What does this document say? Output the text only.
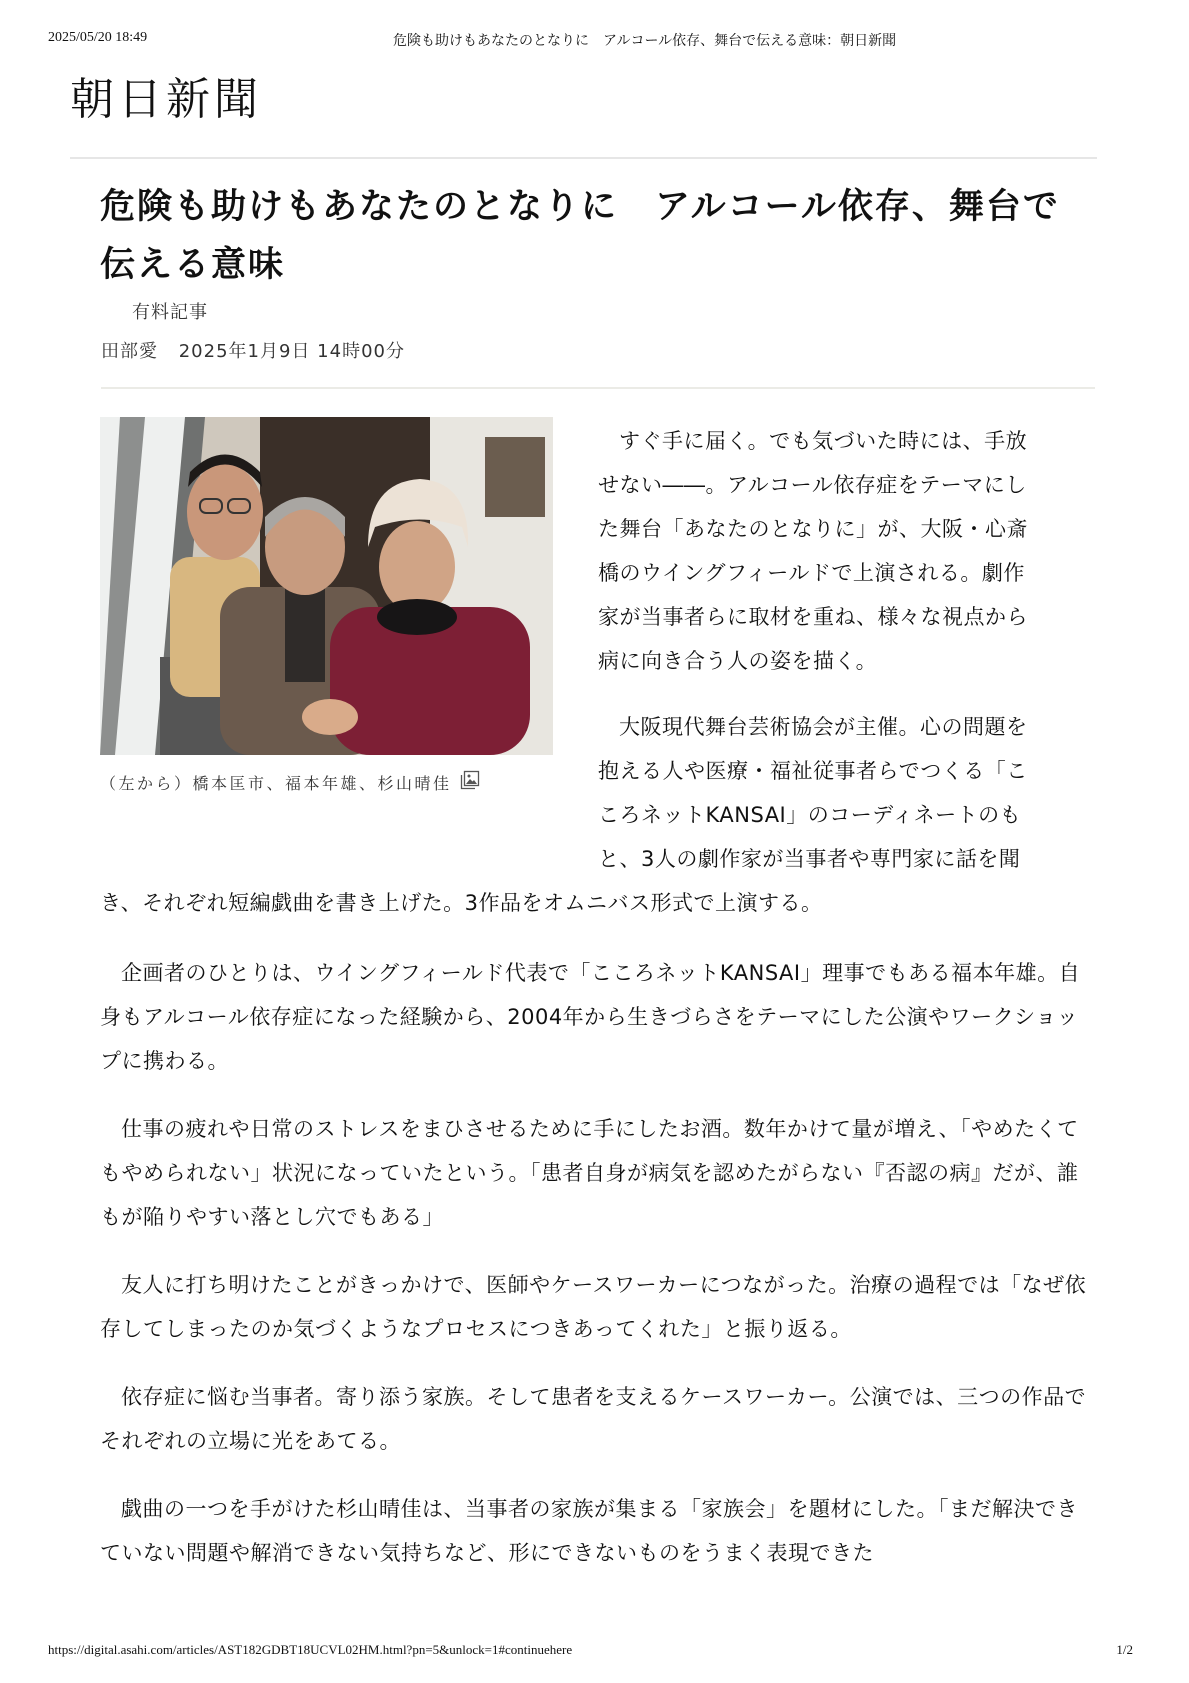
2025/05/20 18:49	危険も助けもあなたのとなりに　アルコール依存、舞台で伝える意味：朝日新聞
朝日新聞
危険も助けもあなたのとなりに　アルコール依存、舞台で伝える意味
有料記事
田部愛 2025年1月9日 14時00分
（左から）橋本匡市、福本年雄、杉山晴佳

すぐ手に届く。でも気づいた時には、手放

せない――。アルコール依存症をテーマにし

た舞台「あなたのとなりに」が、大阪・心斎

橋のウイングフィールドで上演される。劇作

家が当事者らに取材を重ね、様々な視点から

病に向き合う人の姿を描く。

大阪現代舞台芸術協会が主催。心の問題を

抱える人や医療・福祉従事者らでつくる「こ

ころネットKANSAI」のコーディネートのも

と、3人の劇作家が当事者や専門家に話を聞

き、それぞれ短編戯曲を書き上げた。3作品をオムニバス形式で上演する。

企画者のひとりは、ウイングフィールド代表で「こころネットKANSAI」理事でもある福本年雄。自身もアルコール依存症になった経験から、2004年から生きづらさをテーマにした公演やワークショップに携わる。

仕事の疲れや日常のストレスをまひさせるために手にしたお酒。数年かけて量が増え、「やめたくてもやめられない」状況になっていたという。「患者自身が病気を認めたがらない『否認の病』だが、誰もが陥りやすい落とし穴でもある」

友人に打ち明けたことがきっかけで、医師やケースワーカーにつながった。治療の過程では「なぜ依存してしまったのか気づくようなプロセスにつきあってくれた」と振り返る。

依存症に悩む当事者。寄り添う家族。そして患者を支えるケースワーカー。公演では、三つの作品でそれぞれの立場に光をあてる。

戯曲の一つを手がけた杉山晴佳は、当事者の家族が集まる「家族会」を題材にした。「まだ解決できていない問題や解消できない気持ちなど、形にできないものをうまく表現できた

https://digital.asahi.com/articles/AST182GDBT18UCVL02HM.html?pn=5&unlock=1#continuehere	1/2
